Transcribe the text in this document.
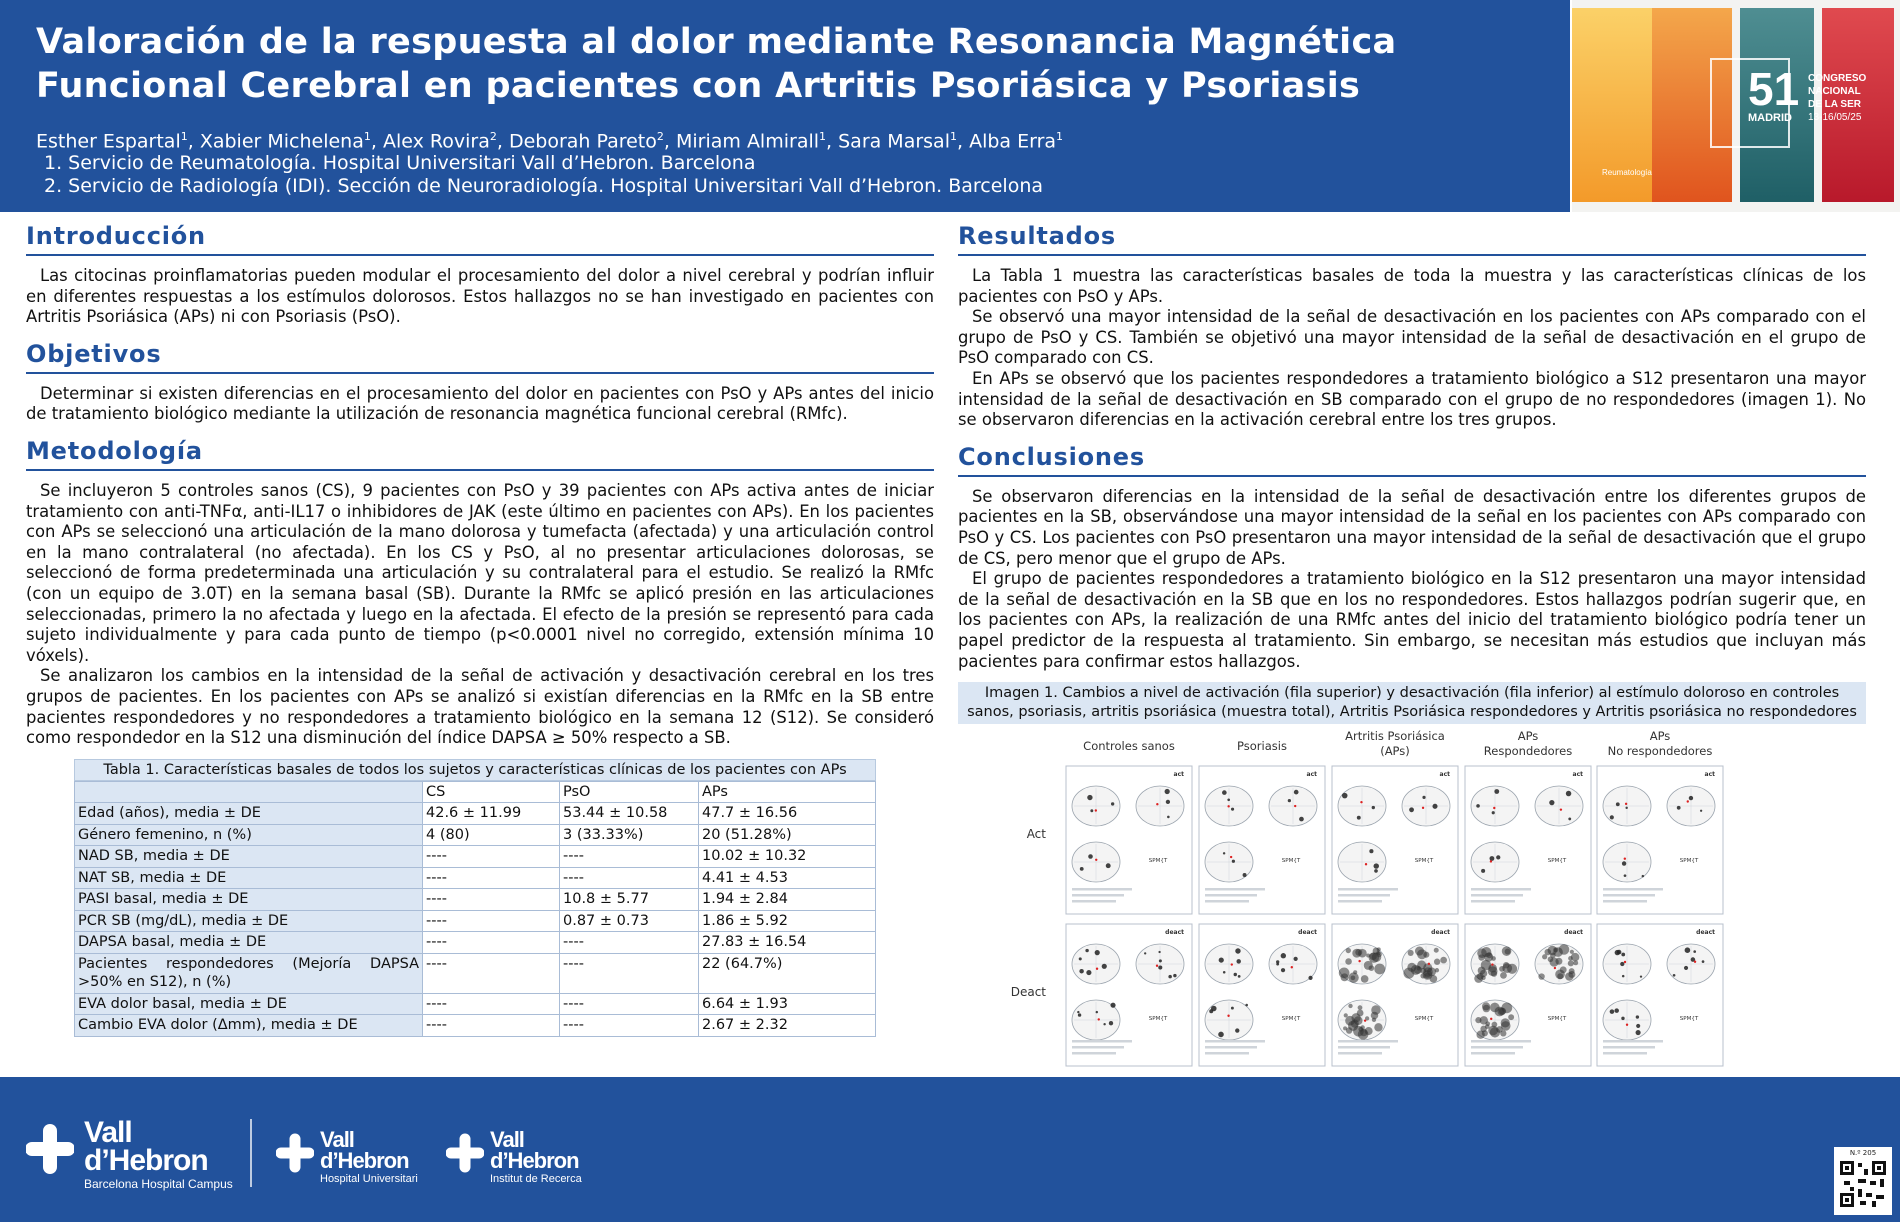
Valoración de la respuesta al dolor mediante Resonancia Magnética
Funcional Cerebral en pacientes con Artritis Psoriásica y Psoriasis
Esther Espartal$^1$, Xabier Michelena$^1$, Alex Rovira$^2$, Deborah Pareto$^2$, Miriam Almirall$^1$, Sara Marsal$^1$, Alba Erra$^1$
1. Servicio de Reumatología. Hospital Universitari Vall d’Hebron. Barcelona
2. Servicio de Radiología (IDI). Sección de Neuroradiología. Hospital Universitari Vall d’Hebron. Barcelona
51
MADRID
CONGRESO
NACIONAL
DE LA SER
13-16/05/25
Reumatología
Introducción

Las citocinas proinflamatorias pueden modular el procesamiento del dolor a nivel cerebral y podrían influir en diferentes respuestas a los estímulos dolorosos. Estos hallazgos no se han investigado en pacientes con Artritis Psoriásica (APs) ni con Psoriasis (PsO).

Objetivos

Determinar si existen diferencias en el procesamiento del dolor en pacientes con PsO y APs antes del inicio de tratamiento biológico mediante la utilización de resonancia magnética funcional cerebral (RMfc).

Metodología

Se incluyeron 5 controles sanos (CS), 9 pacientes con PsO y 39 pacientes con APs activa antes de iniciar tratamiento con anti-TNFα, anti-IL17 o inhibidores de JAK (este último en pacientes con APs). En los pacientes con APs se seleccionó una articulación de la mano dolorosa y tumefacta (afectada) y una articulación control en la mano contralateral (no afectada). En los CS y PsO, al no presentar articulaciones dolorosas, se seleccionó de forma predeterminada una articulación y su contralateral para el estudio. Se realizó la RMfc (con un equipo de 3.0T) en la semana basal (SB). Durante la RMfc se aplicó presión en las articulaciones seleccionadas, primero la no afectada y luego en la afectada. El efecto de la presión se representó para cada sujeto individualmente y para cada punto de tiempo (p<0.0001 nivel no corregido, extensión mínima 10 vóxels).

Se analizaron los cambios en la intensidad de la señal de activación y desactivación cerebral en los tres grupos de pacientes. En los pacientes con APs se analizó si existían diferencias en la RMfc en la SB entre pacientes respondedores y no respondedores a tratamiento biológico en la semana 12 (S12). Se consideró como respondedor en la S12 una disminución del índice DAPSA ≥ 50% respecto a SB.

Tabla 1. Características basales de todos los sujetos y características clínicas de los pacientes con APs
	CS	PsO	APs
Edad (años), media ± DE	42.6 ± 11.99	53.44 ± 10.58	47.7 ± 16.56
Género femenino, n (%)	4 (80)	3 (33.33%)	20 (51.28%)
NAD SB, media ± DE	----	----	10.02 ± 10.32
NAT SB, media ± DE	----	----	4.41 ± 4.53
PASI basal, media ± DE	----	10.8 ± 5.77	1.94 ± 2.84
PCR SB (mg/dL), media ± DE	----	0.87 ± 0.73	1.86 ± 5.92
DAPSA basal, media ± DE	----	----	27.83 ± 16.54
Pacientes respondedores (Mejoría DAPSA >50% en S12), n (%)	----	----	22 (64.7%)
EVA dolor basal, media ± DE	----	----	6.64 ± 1.93
Cambio EVA dolor (Δmm), media ± DE	----	----	2.67 ± 2.32
Resultados

La Tabla 1 muestra las características basales de toda la muestra y las características clínicas de los pacientes con PsO y APs.

Se observó una mayor intensidad de la señal de desactivación en los pacientes con APs comparado con el grupo de PsO y CS. También se objetivó una mayor intensidad de la señal de desactivación en el grupo de PsO comparado con CS.

En APs se observó que los pacientes respondedores a tratamiento biológico a S12 presentaron una mayor intensidad de la señal de desactivación en SB comparado con el grupo de no respondedores (imagen 1). No se observaron diferencias en la activación cerebral entre los tres grupos.

Conclusiones

Se observaron diferencias en la intensidad de la señal de desactivación entre los diferentes grupos de pacientes en la SB, observándose una mayor intensidad de la señal en los pacientes con APs comparado con PsO y CS. Los pacientes con PsO presentaron una mayor intensidad de la señal de desactivación que el grupo de CS, pero menor que el grupo de APs.

El grupo de pacientes respondedores a tratamiento biológico en la S12 presentaron una mayor intensidad de la señal de desactivación en la SB que en los no respondedores. Estos hallazgos podrían sugerir que, en los pacientes con APs, la realización de una RMfc antes del inicio del tratamiento biológico podría tener un papel predictor de la respuesta al tratamiento. Sin embargo, se necesitan más estudios que incluyan más pacientes para confirmar estos hallazgos.

Imagen 1. Cambios a nivel de activación (fila superior) y desactivación (fila inferior) al estímulo doloroso en controles
sanos, psoriasis, artritis psoriásica (muestra total), Artritis Psoriásica respondedores y Artritis psoriásica no respondedores
Controles sanos	Psoriasis
Artritis Psoriásica
(APs)
APs
Respondedores
APs
No respondedores
Act
Deact
act
SPM{T
act
SPM{T
act
SPM{T
act
SPM{T
act
SPM{T
deact
SPM{T
deact
SPM{T
deact
SPM{T
deact
SPM{T
deact
SPM{T
Vall
d’Hebron
Barcelona Hospital Campus
Vall
d’Hebron
Hospital Universitari
Vall
d’Hebron
Institut de Recerca
N.º 205
